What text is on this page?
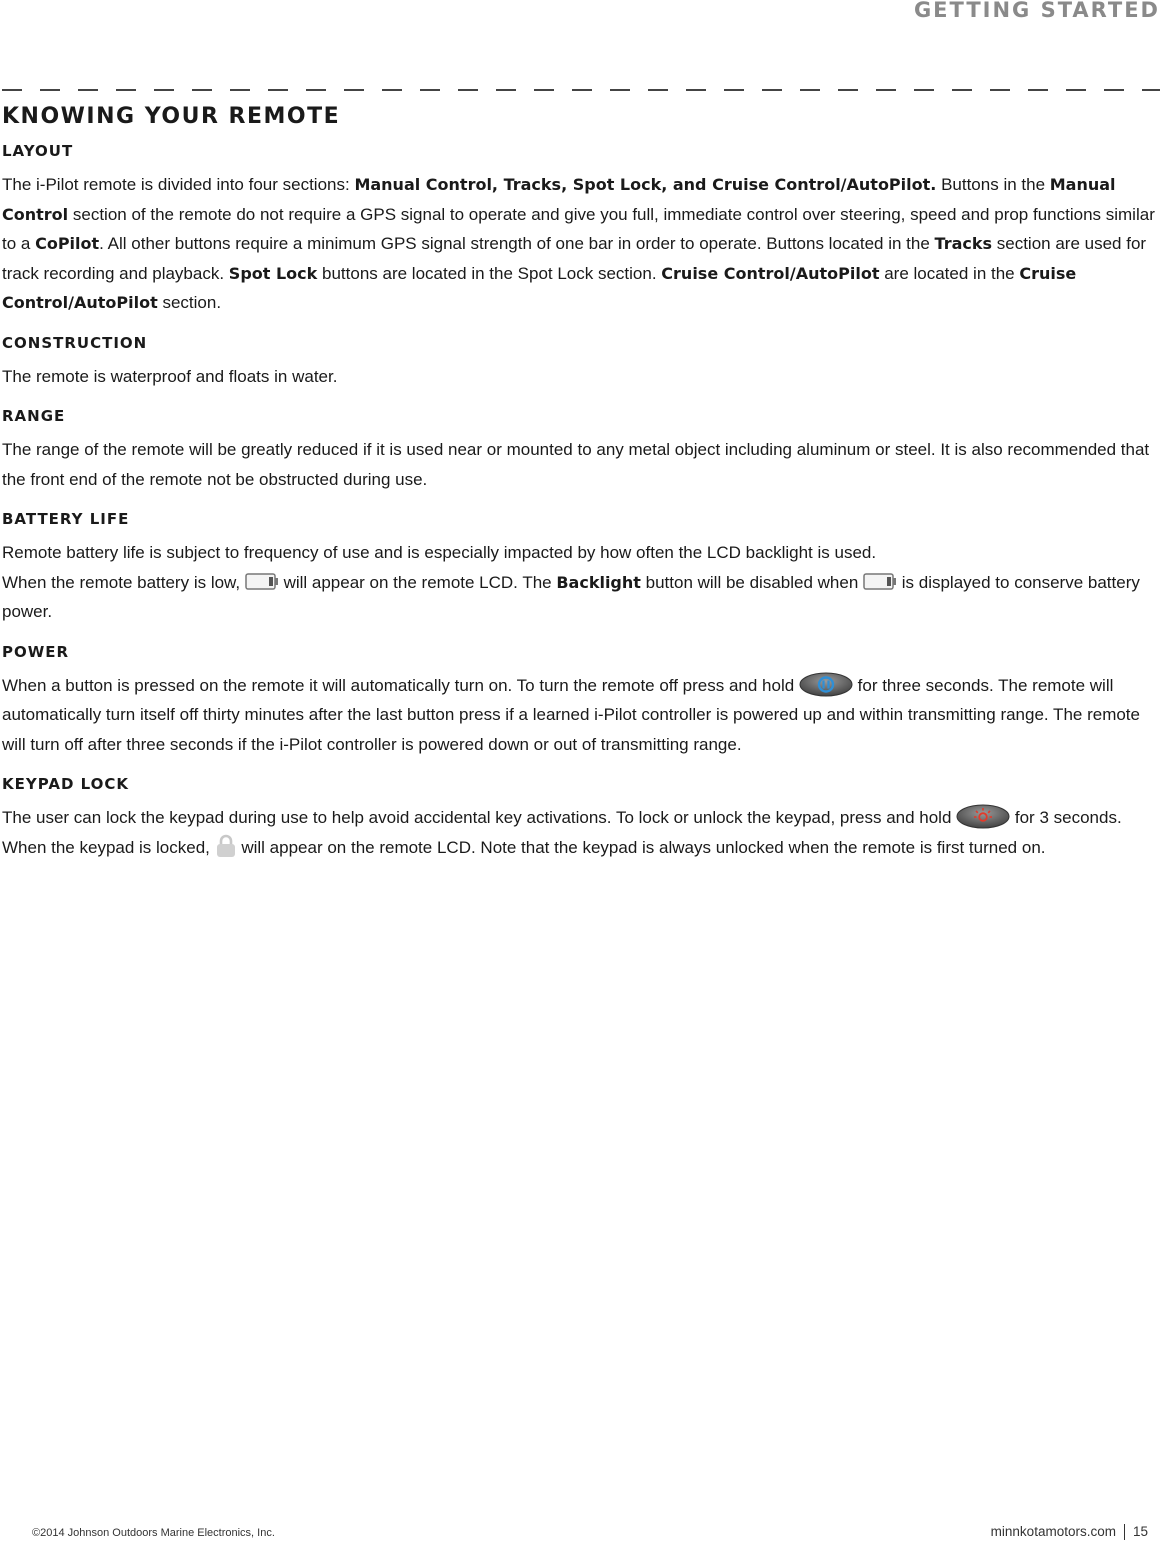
GETTING STARTED
KNOWING YOUR REMOTE
LAYOUT

The i-Pilot remote is divided into four sections: Manual Control, Tracks, Spot Lock, and Cruise Control/AutoPilot. Buttons in the Manual Control section of the remote do not require a GPS signal to operate and give you full, immediate control over steering, speed and prop functions similar to a CoPilot. All other buttons require a minimum GPS signal strength of one bar in order to operate. Buttons located in the Tracks section are used for track recording and playback. Spot Lock buttons are located in the Spot Lock section. Cruise Control/AutoPilot are located in the Cruise Control/AutoPilot section.

CONSTRUCTION

The remote is waterproof and floats in water.

RANGE

The range of the remote will be greatly reduced if it is used near or mounted to any metal object including aluminum or steel. It is also recommended that the front end of the remote not be obstructed during use.

BATTERY LIFE

Remote battery life is subject to frequency of use and is especially impacted by how often the LCD backlight is used.
When the remote battery is low,  will appear on the remote LCD. The Backlight button will be disabled when  is displayed to conserve battery power.

POWER

When a button is pressed on the remote it will automatically turn on. To turn the remote off press and hold	for three seconds. The remote will automatically turn itself off thirty minutes after the last button press if a learned i-Pilot controller is powered up and within transmitting range. The remote will turn off after three seconds if the i-Pilot controller is powered down or out of transmitting range.

KEYPAD LOCK

The user can lock the keypad during use to help avoid accidental key activations. To lock or unlock the keypad, press and hold	for 3 seconds. When the keypad is locked,  will appear on the remote LCD. Note that the keypad is always unlocked when the remote is first turned on.

©2014 Johnson Outdoors Marine Electronics, Inc.	minnkotamotors.com 15
